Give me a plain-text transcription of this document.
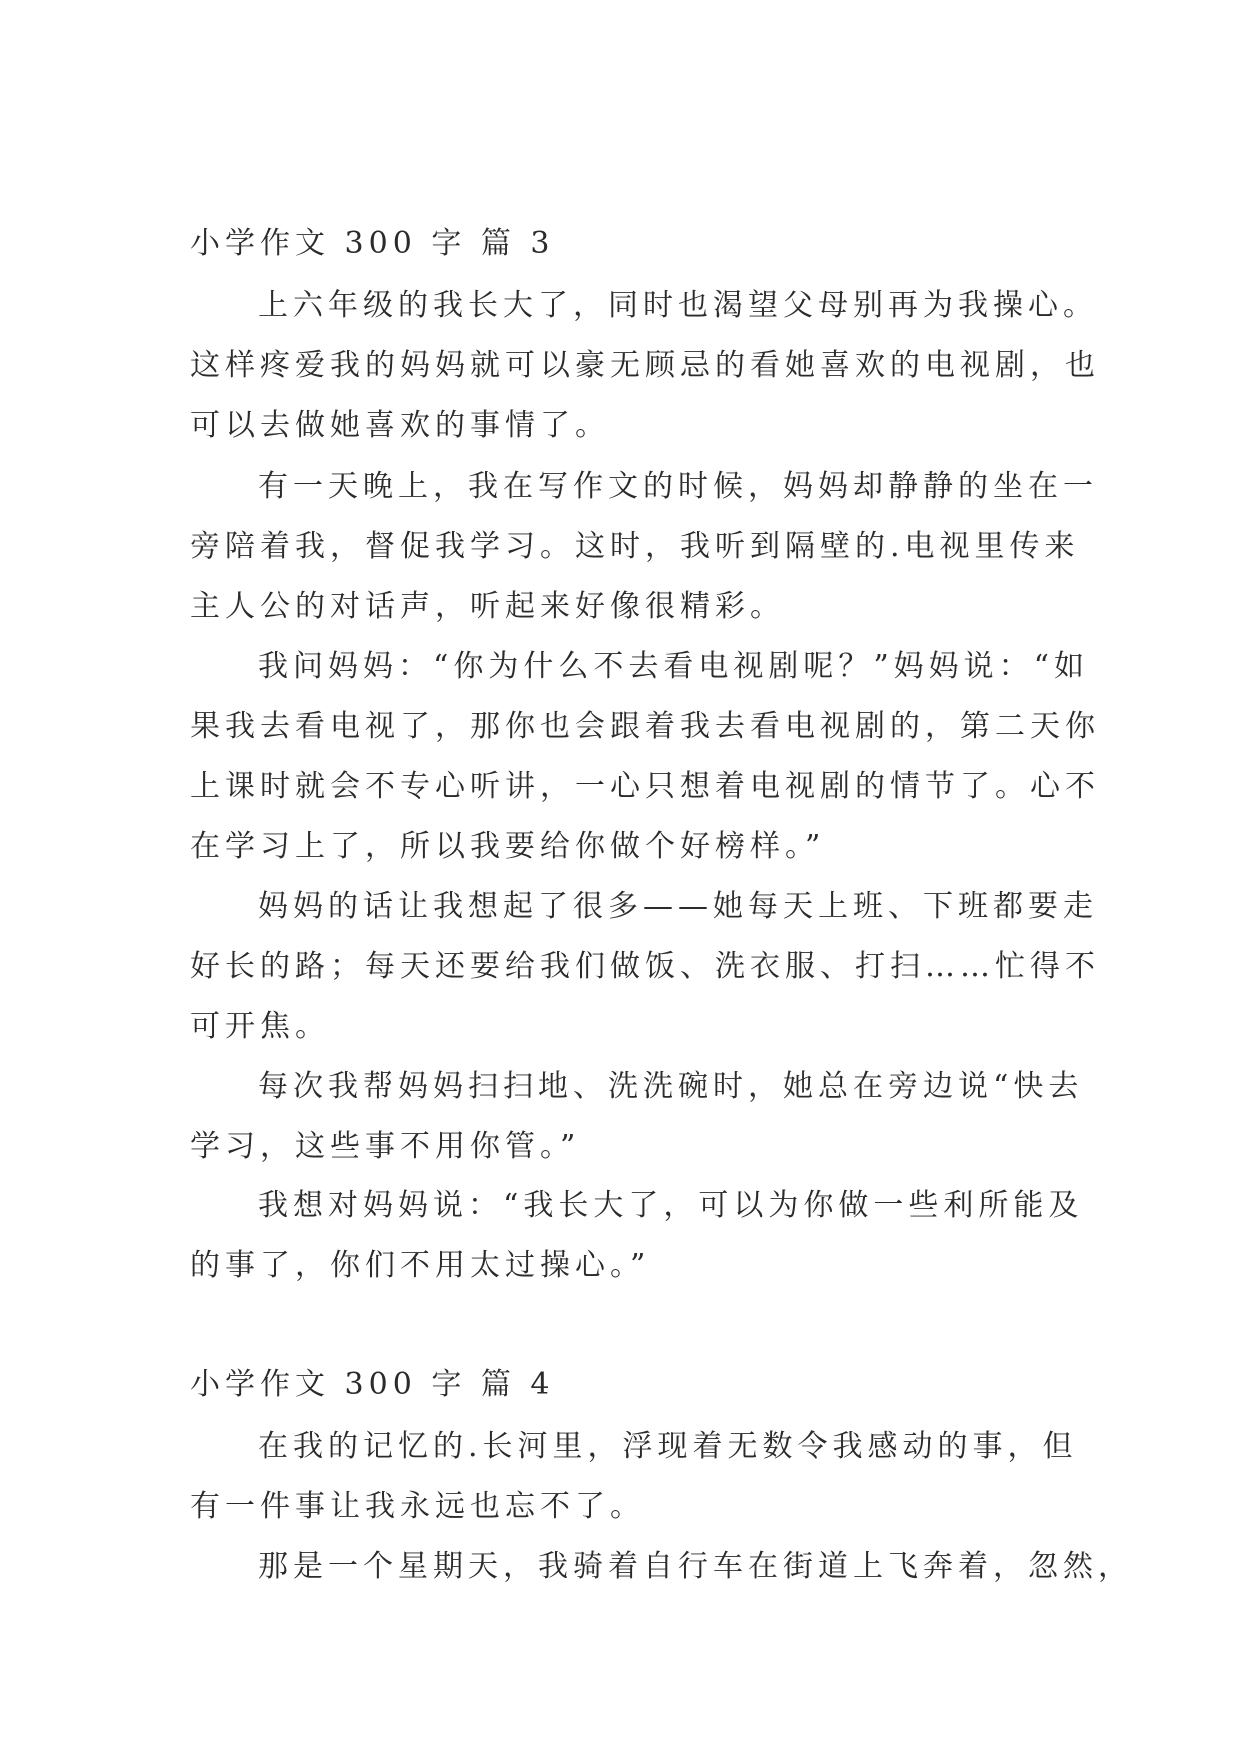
小学作文 300 字 篇 3
上六年级的我长大了，同时也渴望父母别再为我操心。
这样疼爱我的妈妈就可以豪无顾忌的看她喜欢的电视剧，也
可以去做她喜欢的事情了。
有一天晚上，我在写作文的时候，妈妈却静静的坐在一
旁陪着我，督促我学习。这时，我听到隔壁的.电视里传来
主人公的对话声，听起来好像很精彩。
我问妈妈：“你为什么不去看电视剧呢？”妈妈说：“如
果我去看电视了，那你也会跟着我去看电视剧的，第二天你
上课时就会不专心听讲，一心只想着电视剧的情节了。心不
在学习上了，所以我要给你做个好榜样。”
妈妈的话让我想起了很多——她每天上班、下班都要走
好长的路；每天还要给我们做饭、洗衣服、打扫……忙得不
可开焦。
每次我帮妈妈扫扫地、洗洗碗时，她总在旁边说“快去
学习，这些事不用你管。”
我想对妈妈说：“我长大了，可以为你做一些利所能及
的事了，你们不用太过操心。”
小学作文 300 字 篇 4
在我的记忆的.长河里，浮现着无数令我感动的事，但
有一件事让我永远也忘不了。
那是一个星期天，我骑着自行车在街道上飞奔着，忽然，
